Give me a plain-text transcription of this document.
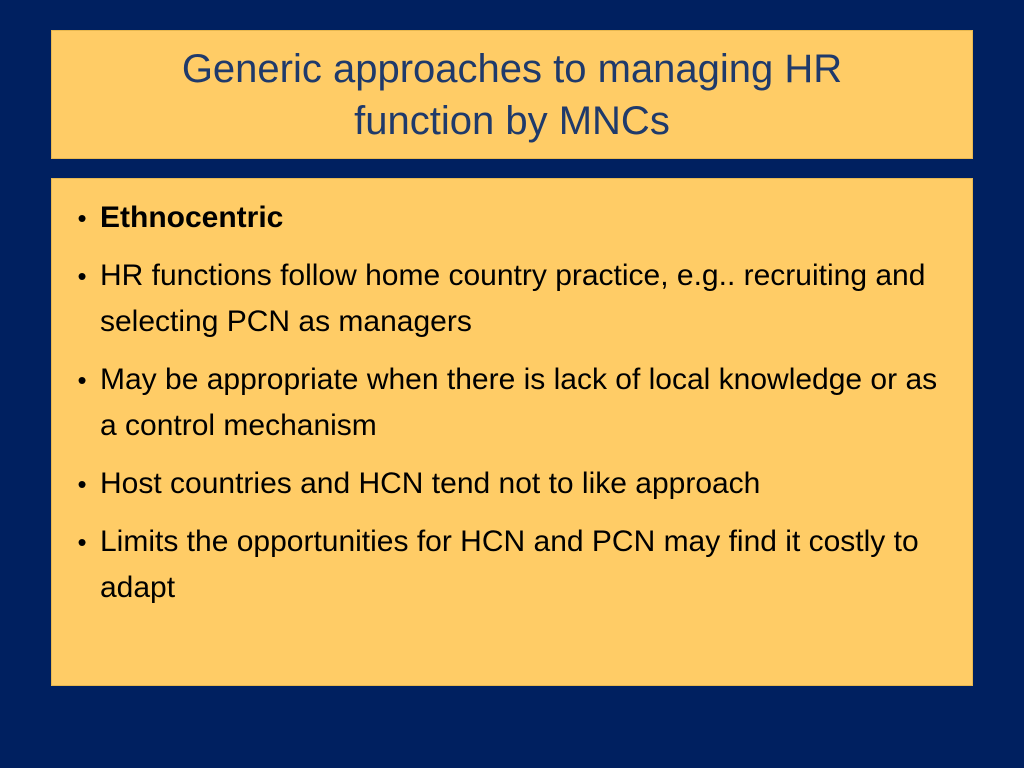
Generic approaches to managing HR function by MNCs
• Ethnocentric
• HR functions follow home country practice, e.g.. recruiting and selecting PCN as managers
• May be appropriate when there is lack of local knowledge or as a control mechanism
• Host countries and HCN tend not to like approach
• Limits the opportunities for HCN and PCN may find it costly to adapt
